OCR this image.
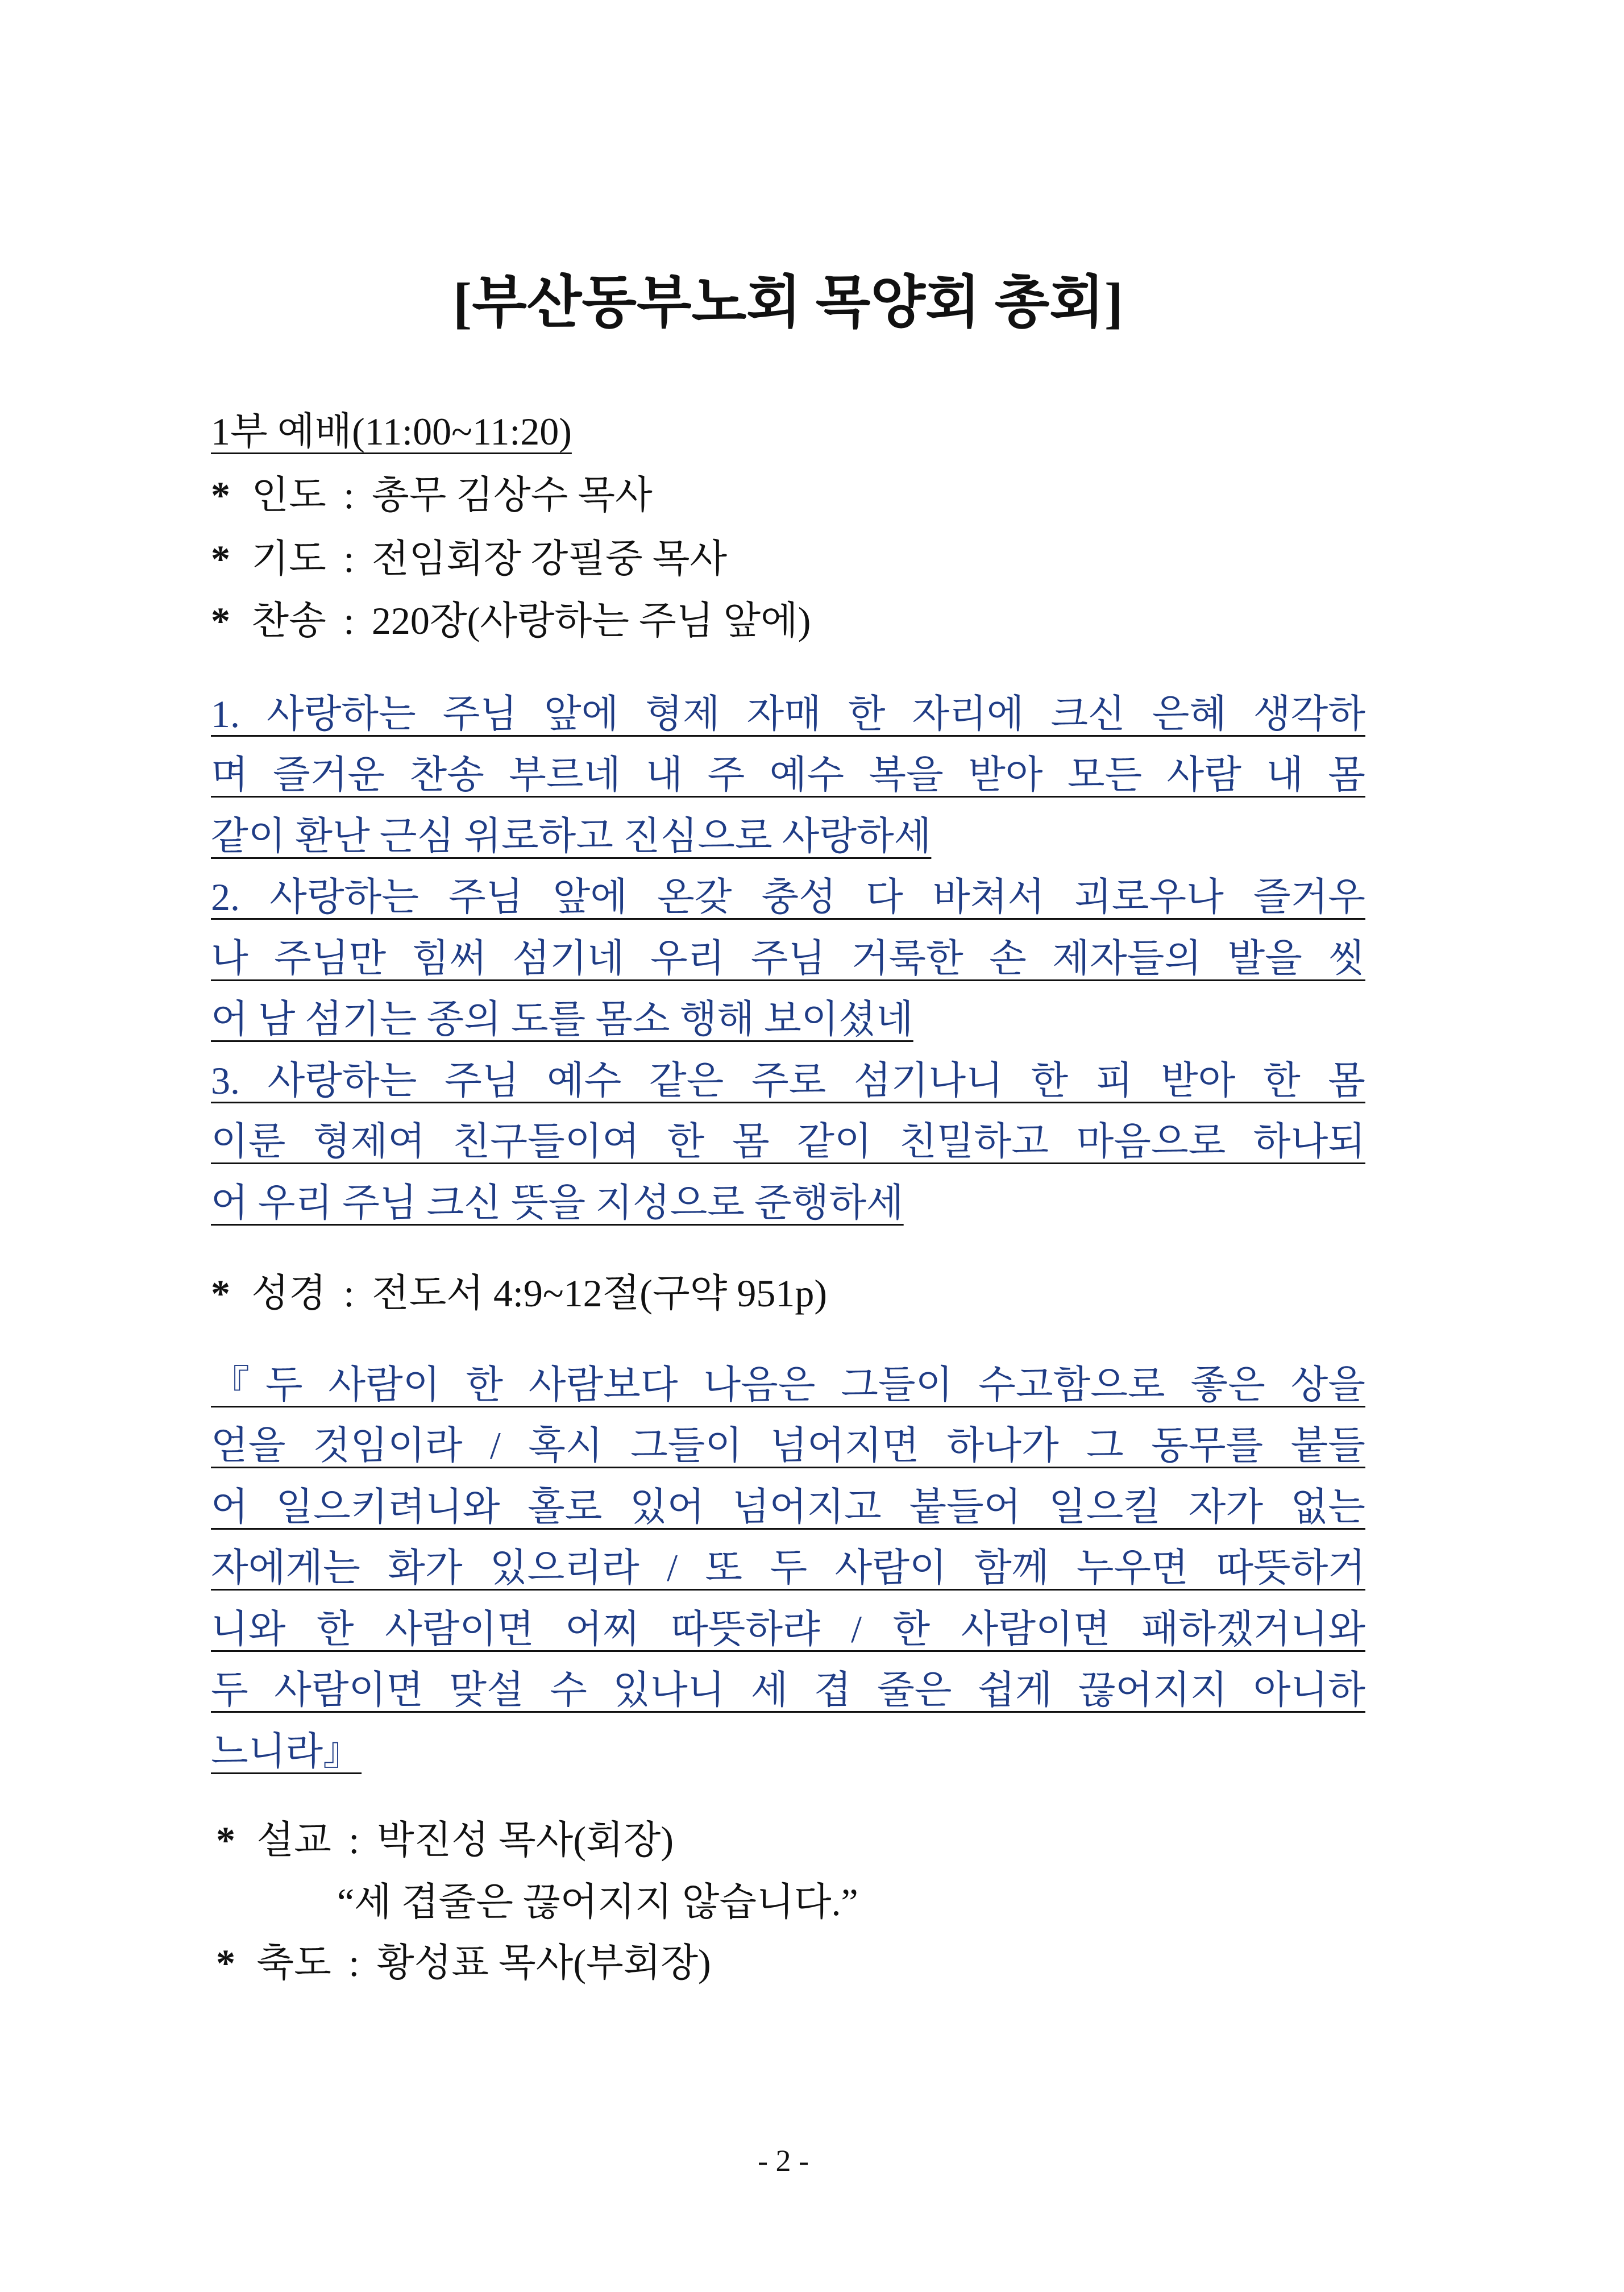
[부산동부노회 목양회 총회]
1부 예배(11:00~11:20)
* 인도 : 총무 김상수 목사
* 기도 : 전임회장 강필중 목사
* 찬송 : 220장(사랑하는 주님 앞에)
1. 사랑하는 주님 앞에 형제 자매 한 자리에 크신 은혜 생각하
며 즐거운 찬송 부르네 내 주 예수 복을 받아 모든 사람 내 몸
같이 환난 근심 위로하고 진심으로 사랑하세
2. 사랑하는 주님 앞에 온갖 충성 다 바쳐서 괴로우나 즐거우
나 주님만 힘써 섬기네 우리 주님 거룩한 손 제자들의 발을 씻
어 남 섬기는 종의 도를 몸소 행해 보이셨네
3. 사랑하는 주님 예수 같은 주로 섬기나니 한 피 받아 한 몸
이룬 형제여 친구들이여 한 몸 같이 친밀하고 마음으로 하나되
어 우리 주님 크신 뜻을 지성으로 준행하세
* 성경 : 전도서 4:9~12절(구약 951p)
『두 사람이 한 사람보다 나음은 그들이 수고함으로 좋은 상을
얻을 것임이라 / 혹시 그들이 넘어지면 하나가 그 동무를 붙들
어 일으키려니와 홀로 있어 넘어지고 붙들어 일으킬 자가 없는
자에게는 화가 있으리라 / 또 두 사람이 함께 누우면 따뜻하거
니와 한 사람이면 어찌 따뜻하랴 / 한 사람이면 패하겠거니와
두 사람이면 맞설 수 있나니 세 겹 줄은 쉽게 끊어지지 아니하
느니라』
* 설교 : 박진성 목사(회장)
“세 겹줄은 끊어지지 않습니다.”
* 축도 : 황성표 목사(부회장)
- 2 -
